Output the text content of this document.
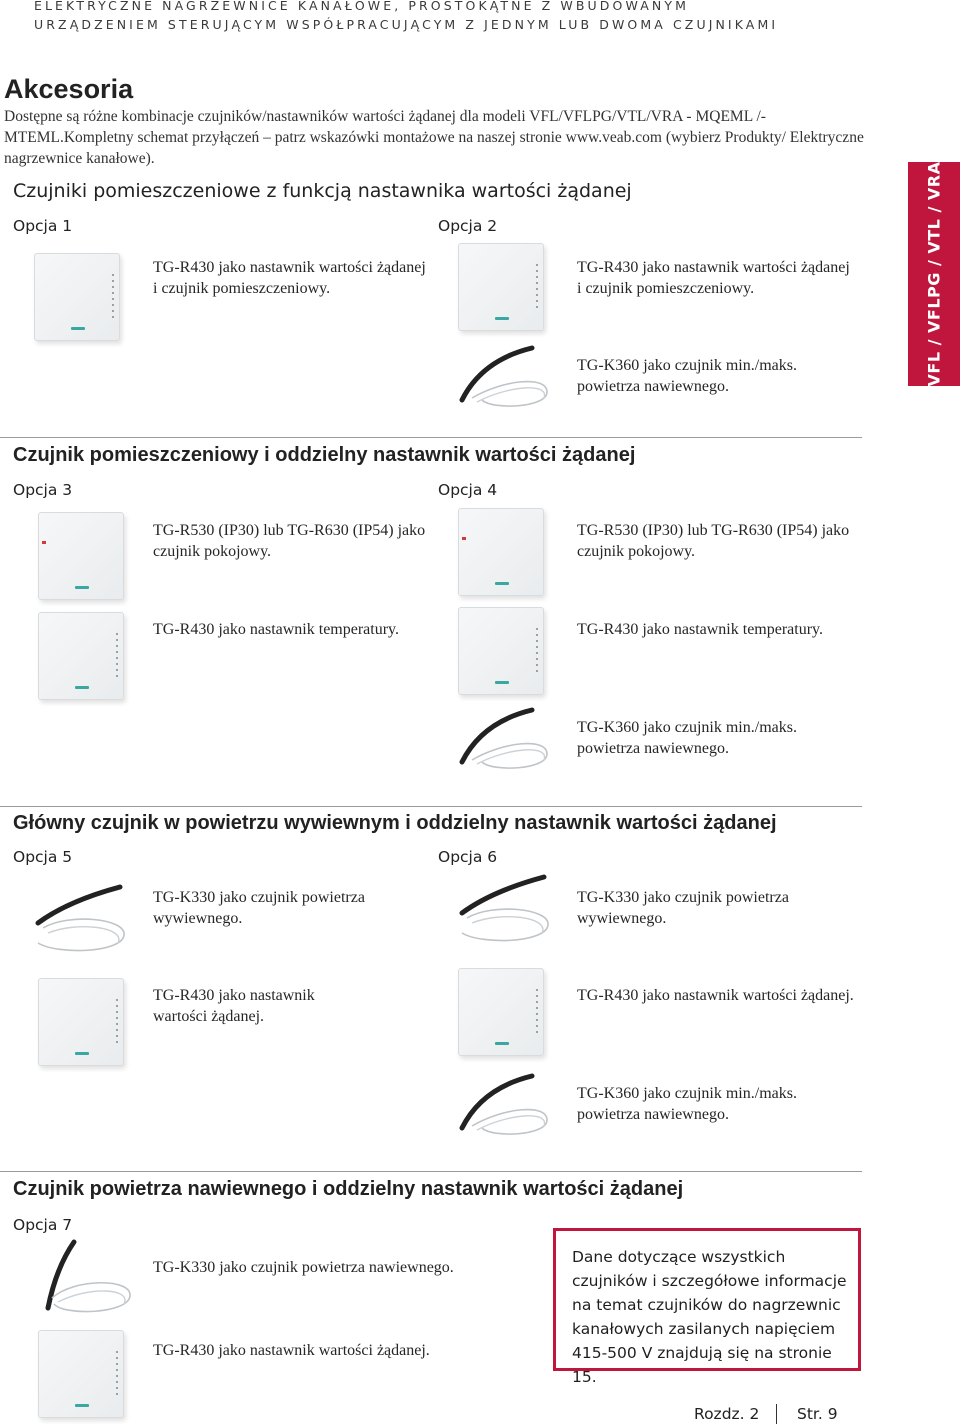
ELEKTRYCZNE NAGRZEWNICE KANAŁOWE, PROSTOKĄTNE Z WBUDOWANYM
URZĄDZENIEM STERUJĄCYM WSPÓŁPRACUJĄCYM Z JEDNYM LUB DWOMA CZUJNIKAMI
Akcesoria
Dostępne są różne kombinacje czujników/nastawników wartości żądanej dla modeli VFL/VFLPG/VTL/VRA - MQEML /- MTEML.Kompletny schemat przyłączeń – patrz wskazówki montażowe na naszej stronie www.veab.com (wybierz Produkty/ Elektryczne nagrzewnice kanałowe).
VFL / VFLPG / VTL / VRA
Czujniki pomieszczeniowe z funkcją nastawnika wartości żądanej
Opcja 1	Opcja 2
TG-R430 jako nastawnik wartości żądanej i czujnik pomieszczeniowy.
TG-R430 jako nastawnik wartości żądanej i czujnik pomieszczeniowy.
TG-K360 jako czujnik min./maks. powietrza nawiewnego.
Czujnik pomieszczeniowy i oddzielny nastawnik wartości żądanej
Opcja 3	Opcja 4
TG-R530 (IP30) lub TG-R630 (IP54) jako czujnik pokojowy.
TG-R430 jako nastawnik temperatury.
TG-R530 (IP30) lub TG-R630 (IP54) jako czujnik pokojowy.
TG-R430 jako nastawnik temperatury.
TG-K360 jako czujnik min./maks. powietrza nawiewnego.
Główny czujnik w powietrzu wywiewnym i oddzielny nastawnik wartości żądanej
Opcja 5	Opcja 6
TG-K330 jako czujnik powietrza wywiewnego.
TG-R430 jako nastawnik wartości żądanej.
TG-K330 jako czujnik powietrza wywiewnego.
TG-R430 jako nastawnik wartości żądanej.
TG-K360 jako czujnik min./maks. powietrza nawiewnego.
Czujnik powietrza nawiewnego i oddzielny nastawnik wartości żądanej
Opcja 7
TG-K330 jako czujnik powietrza nawiewnego.
TG-R430 jako nastawnik wartości żądanej.

Dane dotyczące wszystkich czujników i szczegółowe informacje na temat czujników do nagrzewnic kanałowych zasilanych napięciem 415-500 V znajdują się na stronie 15.

Rozdz. 2 Str. 9
